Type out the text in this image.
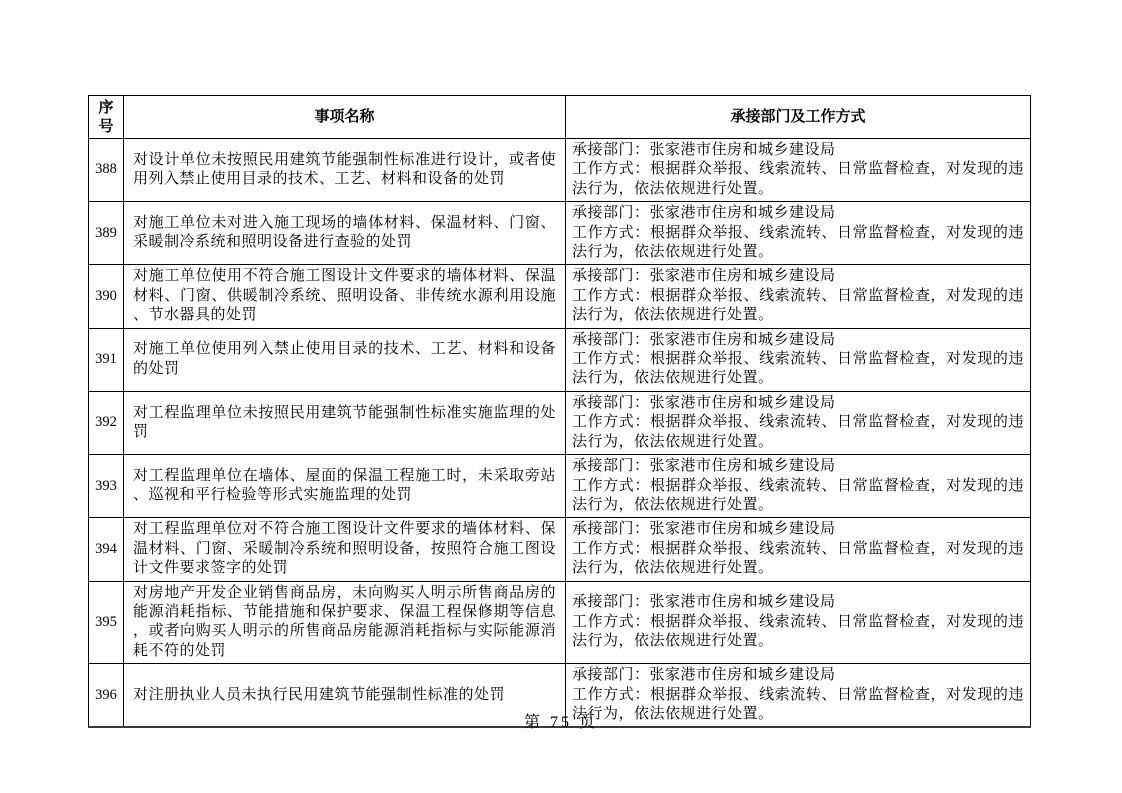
序号	事项名称	承接部门及工作方式
388	对设计单位未按照民用建筑节能强制性标准进行设计，或者使用列入禁止使用目录的技术、工艺、材料和设备的处罚	承接部门：张家港市住房和城乡建设局
工作方式：根据群众举报、线索流转、日常监督检查，对发现的违法行为，依法依规进行处置。

389	对施工单位未对进入施工现场的墙体材料、保温材料、门窗、采暖制冷系统和照明设备进行查验的处罚	承接部门：张家港市住房和城乡建设局
工作方式：根据群众举报、线索流转、日常监督检查，对发现的违法行为，依法依规进行处置。

390	对施工单位使用不符合施工图设计文件要求的墙体材料、保温材料、门窗、供暖制冷系统、照明设备、非传统水源利用设施、节水器具的处罚	承接部门：张家港市住房和城乡建设局
工作方式：根据群众举报、线索流转、日常监督检查，对发现的违法行为，依法依规进行处置。

391	对施工单位使用列入禁止使用目录的技术、工艺、材料和设备的处罚	承接部门：张家港市住房和城乡建设局
工作方式：根据群众举报、线索流转、日常监督检查，对发现的违法行为，依法依规进行处置。

392	对工程监理单位未按照民用建筑节能强制性标准实施监理的处罚	承接部门：张家港市住房和城乡建设局
工作方式：根据群众举报、线索流转、日常监督检查，对发现的违法行为，依法依规进行处置。

393	对工程监理单位在墙体、屋面的保温工程施工时，未采取旁站、巡视和平行检验等形式实施监理的处罚	承接部门：张家港市住房和城乡建设局
工作方式：根据群众举报、线索流转、日常监督检查，对发现的违法行为，依法依规进行处置。

394	对工程监理单位对不符合施工图设计文件要求的墙体材料、保温材料、门窗、采暖制冷系统和照明设备，按照符合施工图设计文件要求签字的处罚	承接部门：张家港市住房和城乡建设局
工作方式：根据群众举报、线索流转、日常监督检查，对发现的违法行为，依法依规进行处置。

395	对房地产开发企业销售商品房，未向购买人明示所售商品房的能源消耗指标、节能措施和保护要求、保温工程保修期等信息，或者向购买人明示的所售商品房能源消耗指标与实际能源消耗不符的处罚	承接部门：张家港市住房和城乡建设局
工作方式：根据群众举报、线索流转、日常监督检查，对发现的违法行为，依法依规进行处置。

396	对注册执业人员未执行民用建筑节能强制性标准的处罚	承接部门：张家港市住房和城乡建设局
工作方式：根据群众举报、线索流转、日常监督检查，对发现的违法行为，依法依规进行处置。
第 75 页
